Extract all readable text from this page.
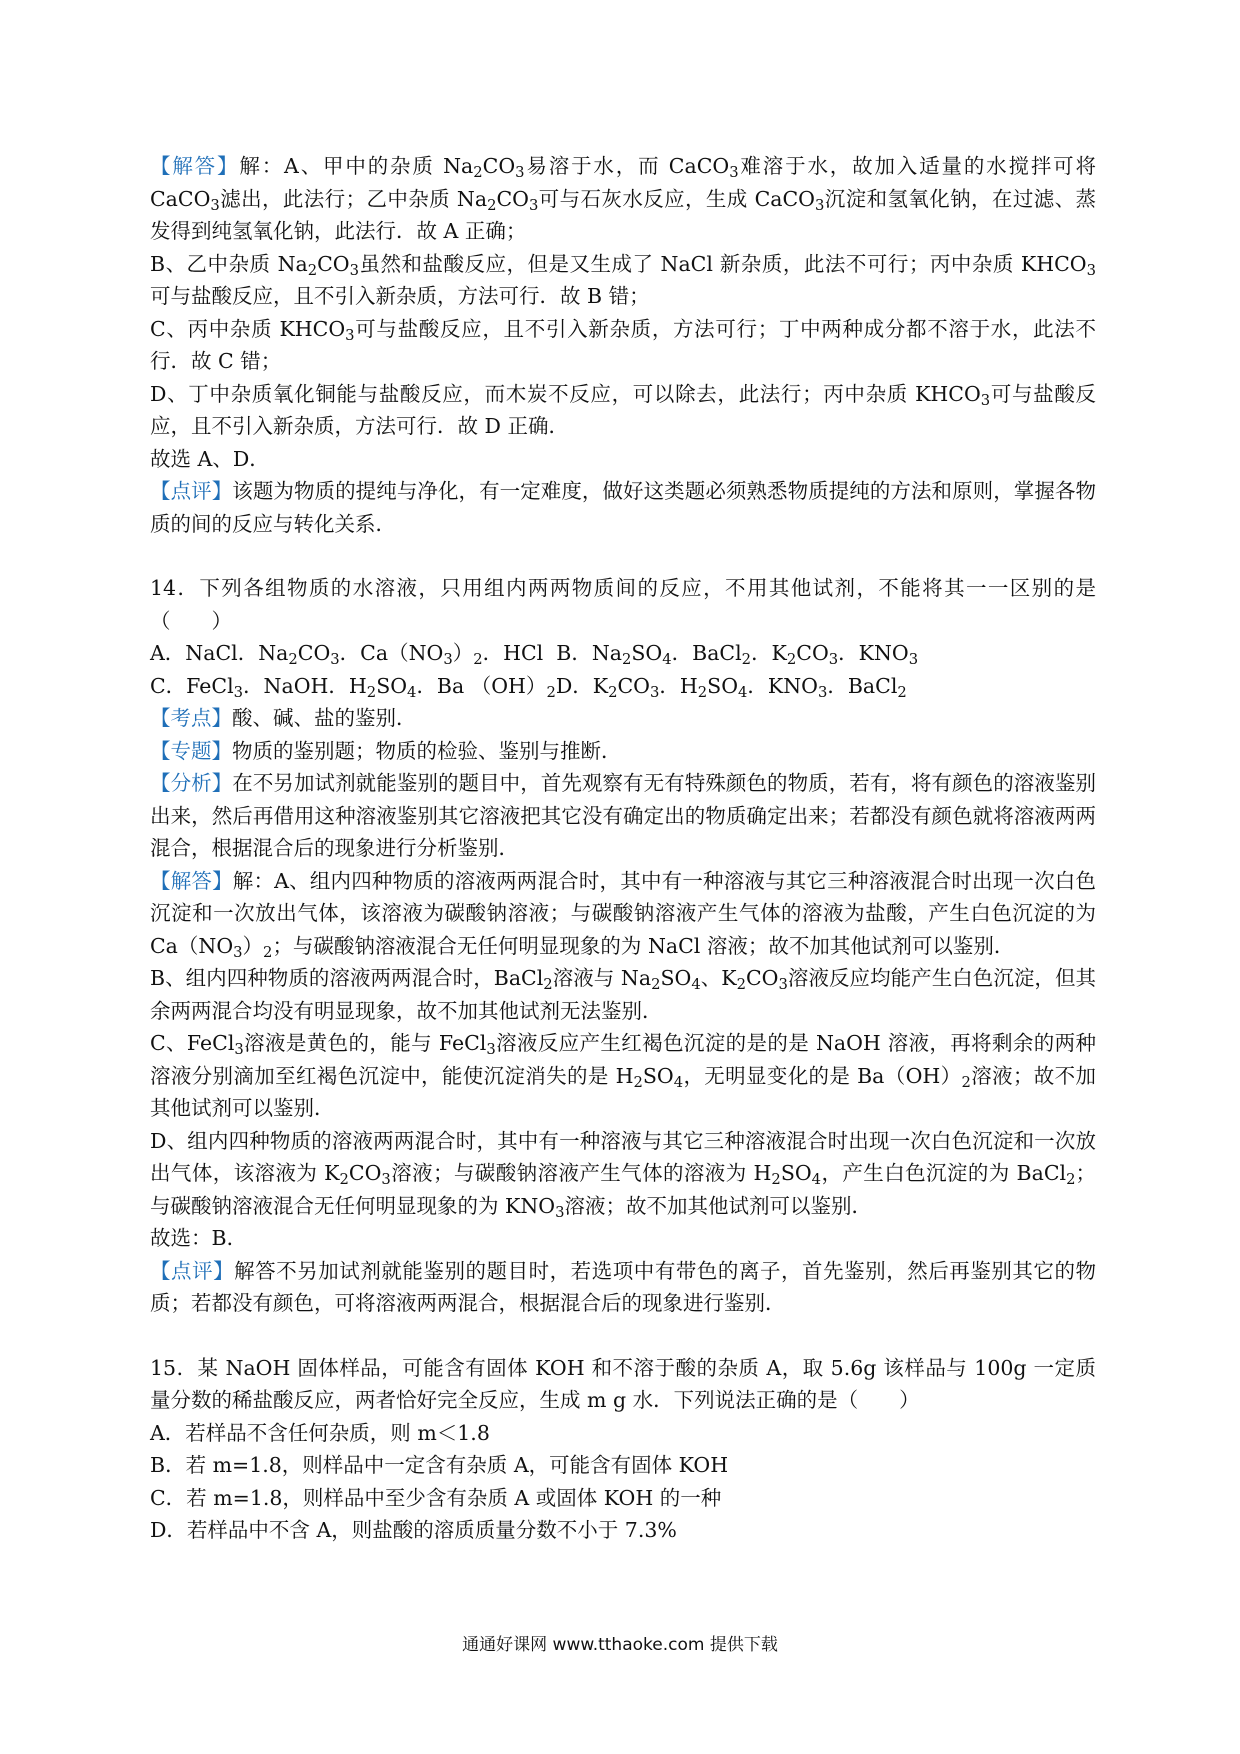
【解答】解：A、甲中的杂质 $Na_2CO_3$易溶于水，而 CaCO$_3$难溶于水，故加入适量的水搅拌可将 CaCO$_3$滤出，此法行；乙中杂质 $Na_2CO_3$可与石灰水反应，生成 CaCO$_3$沉淀和氢氧化钠，在过滤、蒸发得到纯氢氧化钠，此法行．故 A 正确；

B、乙中杂质 $Na_2CO_3$虽然和盐酸反应，但是又生成了 NaCl 新杂质，此法不可行；丙中杂质 $KHCO_3$可与盐酸反应，且不引入新杂质，方法可行．故 B 错；

C、丙中杂质 $KHCO_3$可与盐酸反应，且不引入新杂质，方法可行；丁中两种成分都不溶于水，此法不行．故 C 错；

D、丁中杂质氧化铜能与盐酸反应，而木炭不反应，可以除去，此法行；丙中杂质 $KHCO_3$可与盐酸反应，且不引入新杂质，方法可行．故 D 正确．

故选 A、D．

【点评】该题为物质的提纯与净化，有一定难度，做好这类题必须熟悉物质提纯的方法和原则，掌握各物质的间的反应与转化关系．

14．下列各组物质的水溶液，只用组内两两物质间的反应，不用其他试剂，不能将其一一区别的是（　　）

A．NaCl．$Na_2CO_3$．$Ca(NO_3)_2$．HCl B．$Na_2SO_4$．BaCl$_2$．$K_2CO_3$．$KNO_3$

C．FeCl$_3$．NaOH．$H_2SO_4$．Ba $(OH)_2D$．$K_2CO_3$．$H_2SO_4$．$KNO_3$．BaCl$_2$

【考点】酸、碱、盐的鉴别．

【专题】物质的鉴别题；物质的检验、鉴别与推断．

【分析】在不另加试剂就能鉴别的题目中，首先观察有无有特殊颜色的物质，若有，将有颜色的溶液鉴别出来，然后再借用这种溶液鉴别其它溶液把其它没有确定出的物质确定出来；若都没有颜色就将溶液两两混合，根据混合后的现象进行分析鉴别．

【解答】解：A、组内四种物质的溶液两两混合时，其中有一种溶液与其它三种溶液混合时出现一次白色沉淀和一次放出气体，该溶液为碳酸钠溶液；与碳酸钠溶液产生气体的溶液为盐酸，产生白色沉淀的为 $Ca(NO_3)_2$；与碳酸钠溶液混合无任何明显现象的为 NaCl 溶液；故不加其他试剂可以鉴别．

B、组内四种物质的溶液两两混合时，BaCl$_2$溶液与 $Na_2SO_4$、$K_2CO_3$溶液反应均能产生白色沉淀，但其余两两混合均没有明显现象，故不加其他试剂无法鉴别．

C、FeCl$_3$溶液是黄色的，能与 FeCl$_3$溶液反应产生红褐色沉淀的是的是 NaOH 溶液，再将剩余的两种溶液分别滴加至红褐色沉淀中，能使沉淀消失的是 $H_2SO_4$，无明显变化的是 $Ba(OH)_2$溶液；故不加其他试剂可以鉴别．

D、组内四种物质的溶液两两混合时，其中有一种溶液与其它三种溶液混合时出现一次白色沉淀和一次放出气体，该溶液为 $K_2CO_3$溶液；与碳酸钠溶液产生气体的溶液为 $H_2SO_4$，产生白色沉淀的为 BaCl$_2$；与碳酸钠溶液混合无任何明显现象的为 $KNO_3$溶液；故不加其他试剂可以鉴别．

故选：B．

【点评】解答不另加试剂就能鉴别的题目时，若选项中有带色的离子，首先鉴别，然后再鉴别其它的物质；若都没有颜色，可将溶液两两混合，根据混合后的现象进行鉴别．

15．某 NaOH 固体样品，可能含有固体 KOH 和不溶于酸的杂质 A，取 5.6g 该样品与 100g 一定质量分数的稀盐酸反应，两者恰好完全反应，生成 m g 水．下列说法正确的是（　　）

A．若样品不含任何杂质，则 m＜1.8

B．若 m=1.8，则样品中一定含有杂质 A，可能含有固体 KOH

C．若 m=1.8，则样品中至少含有杂质 A 或固体 KOH 的一种

D．若样品中不含 A，则盐酸的溶质质量分数不小于 7.3%

通通好课网 www.tthaoke.com 提供下载
